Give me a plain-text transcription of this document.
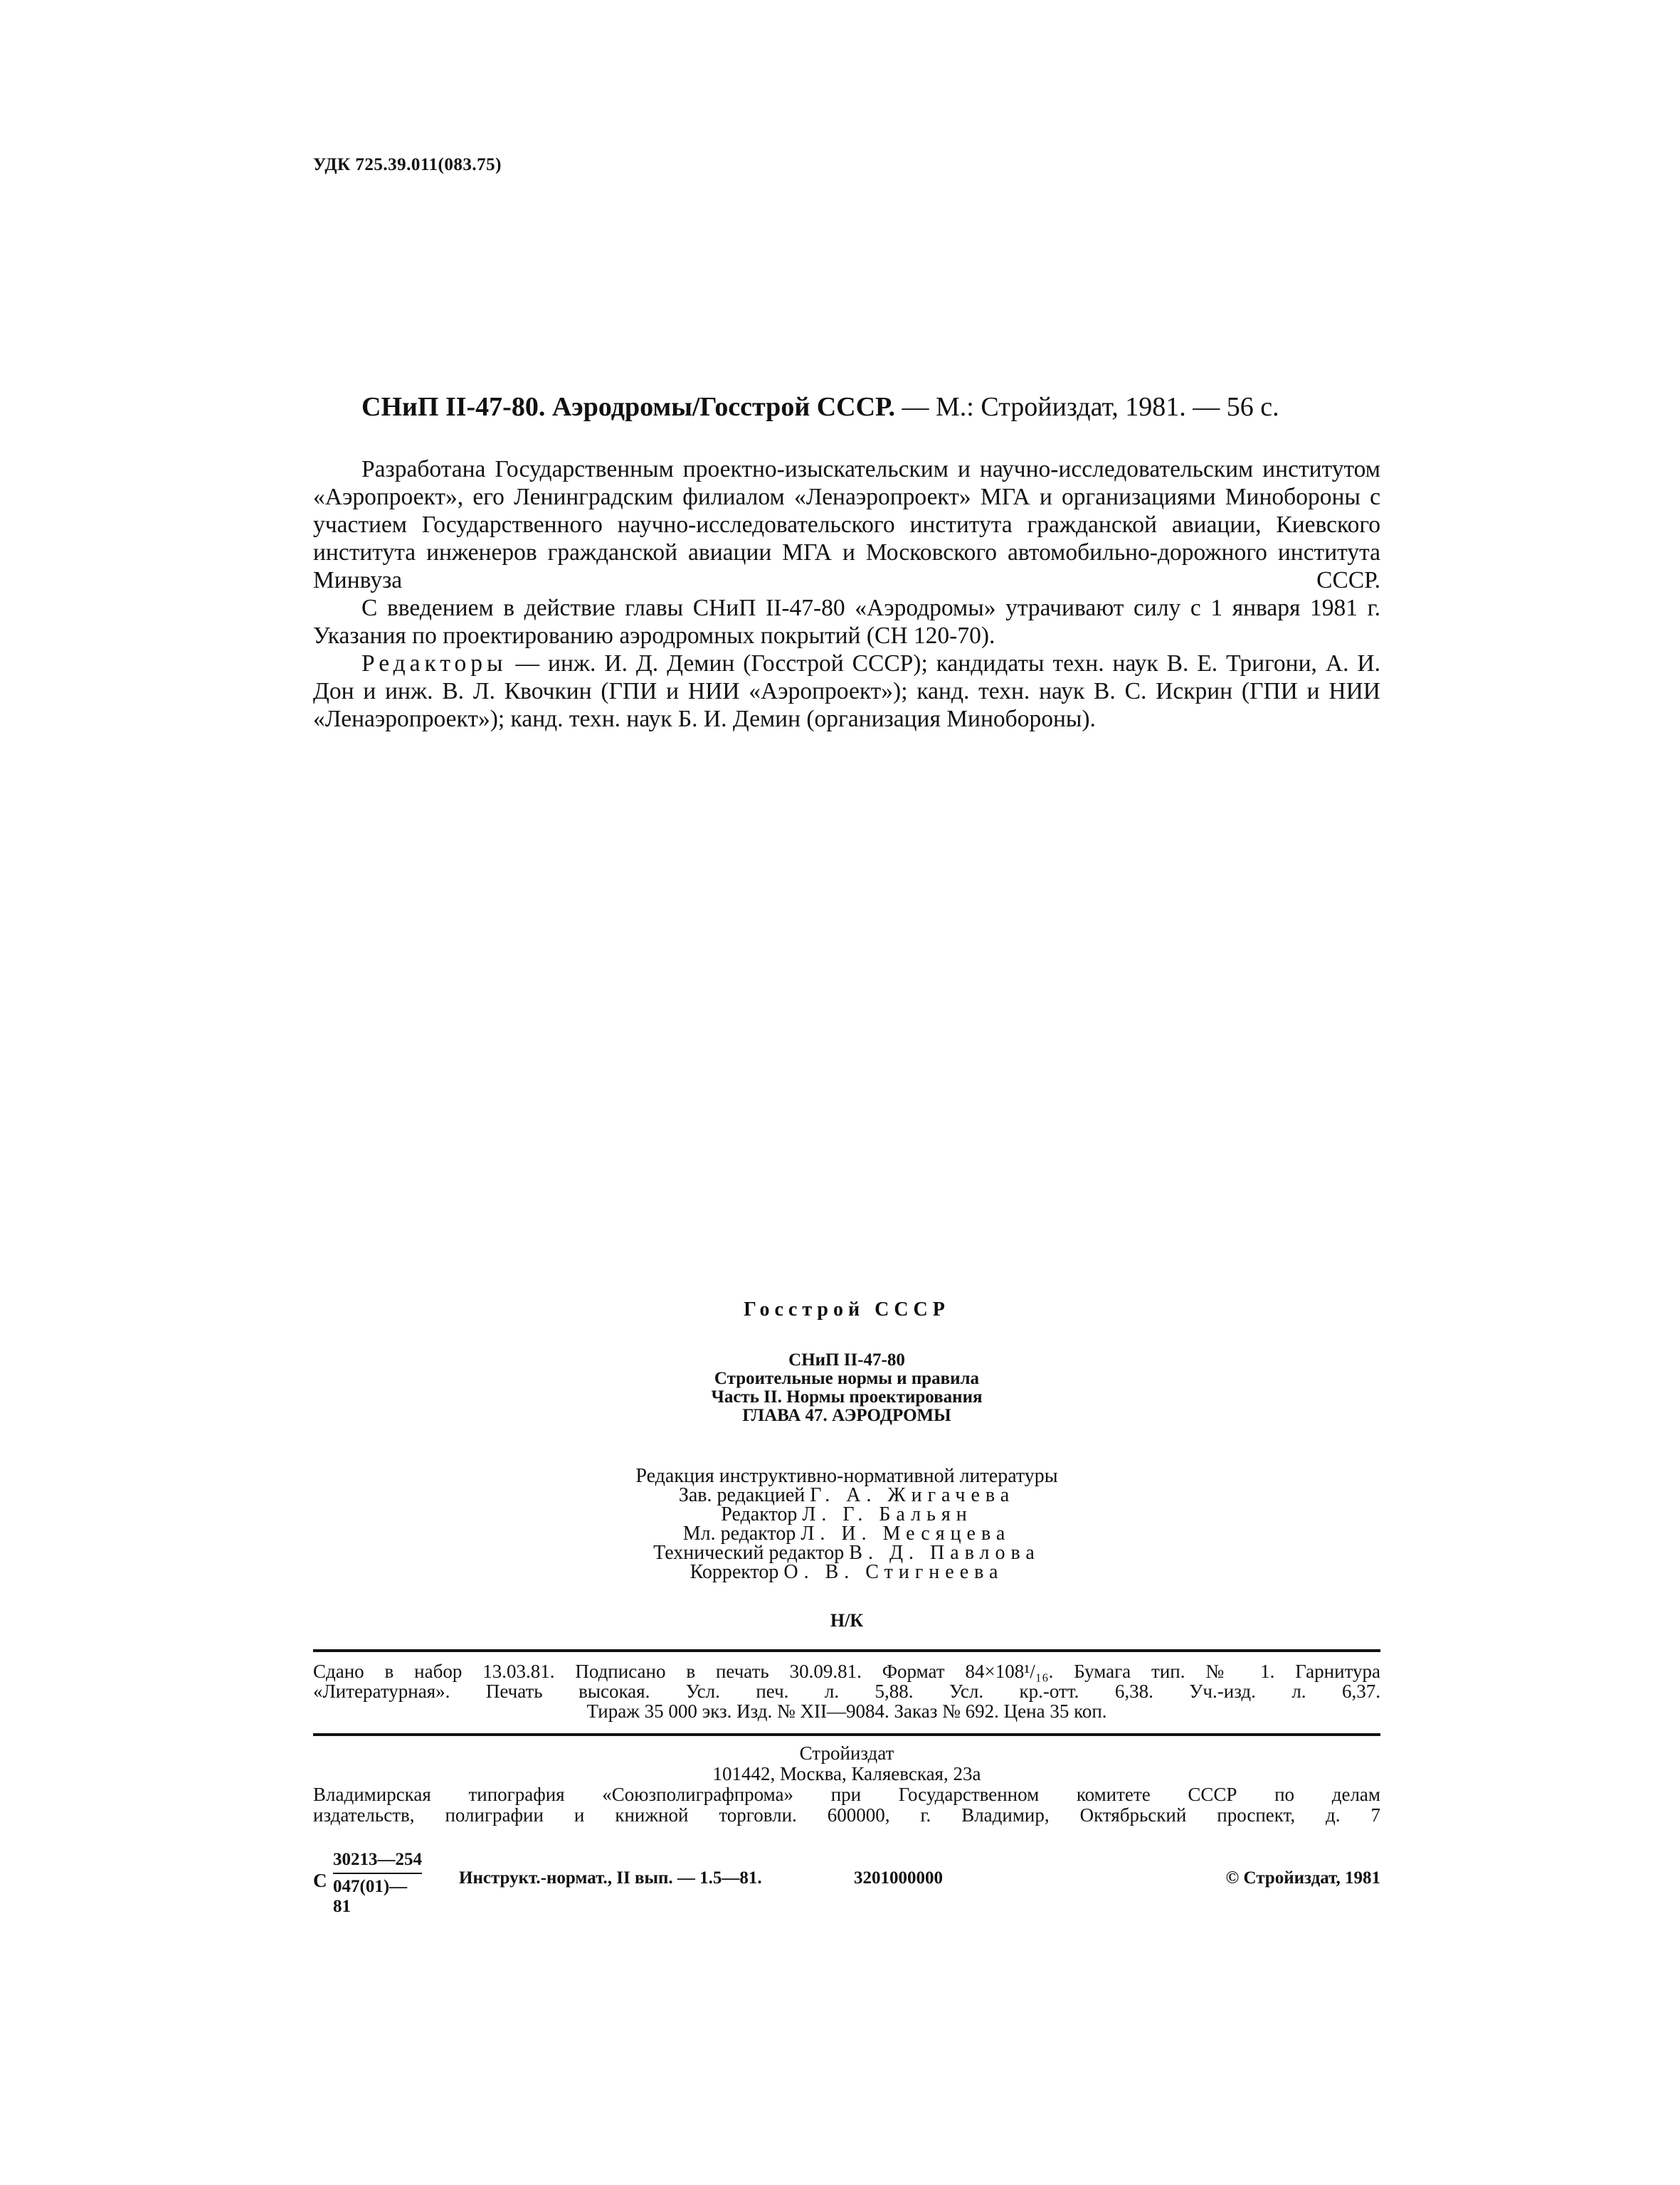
УДК 725.39.011(083.75)
СНиП II-47-80. Аэродромы/Госстрой СССР. — М.: Стройиздат, 1981. — 56 с.

Разработана Государственным проектно-изыскательским и научно-исследовательским институтом «Аэропроект», его Ленинградским филиалом «Ленаэропроект» МГА и организациями Минобороны с участием Государственного научно-исследовательского института гражданской авиации, Киевского института инженеров гражданской авиации МГА и Московского автомобильно-дорожного института Минвуза СССР.

С введением в действие главы СНиП II-47-80 «Аэродромы» утрачивают силу с 1 января 1981 г. Указания по проектированию аэродромных покрытий (СН 120-70).

Редакторы — инж. И. Д. Демин (Госстрой СССР); кандидаты техн. наук В. Е. Тригони, А. И. Дон и инж. В. Л. Квочкин (ГПИ и НИИ «Аэропроект»); канд. техн. наук В. С. Искрин (ГПИ и НИИ «Ленаэропроект»); канд. техн. наук Б. И. Демин (организация Минобороны).

Госстрой СССР
СНиП II-47-80
Строительные нормы и правила
Часть II. Нормы проектирования
ГЛАВА 47. АЭРОДРОМЫ
Редакция инструктивно-нормативной литературы
Зав. редакцией Г. А. Жигачева
Редактор Л. Г. Бальян
Мл. редактор Л. И. Месяцева
Технический редактор В. Д. Павлова
Корректор О. В. Стигнеева
Н/К
Сдано в набор 13.03.81. Подписано в печать 30.09.81. Формат 84×108¹/₁₆. Бумага тип. № 1. Гарнитура
«Литературная». Печать высокая. Усл. печ. л. 5,88. Усл. кр.-отт. 6,38. Уч.-изд. л. 6,37.
Тираж 35 000 экз. Изд. № XII—9084. Заказ № 692. Цена 35 коп.
Стройиздат
101442, Москва, Каляевская, 23а
Владимирская типография «Союзполиграфпрома» при Государственном комитете СССР по делам
издательств, полиграфии и книжной торговли. 600000, г. Владимир, Октябрьский проспект, д. 7
С $\frac{30213—254}{047(01)—81}$ Инструкт.-нормат., II вып. — 1.5—81.	3201000000	© Стройиздат, 1981
